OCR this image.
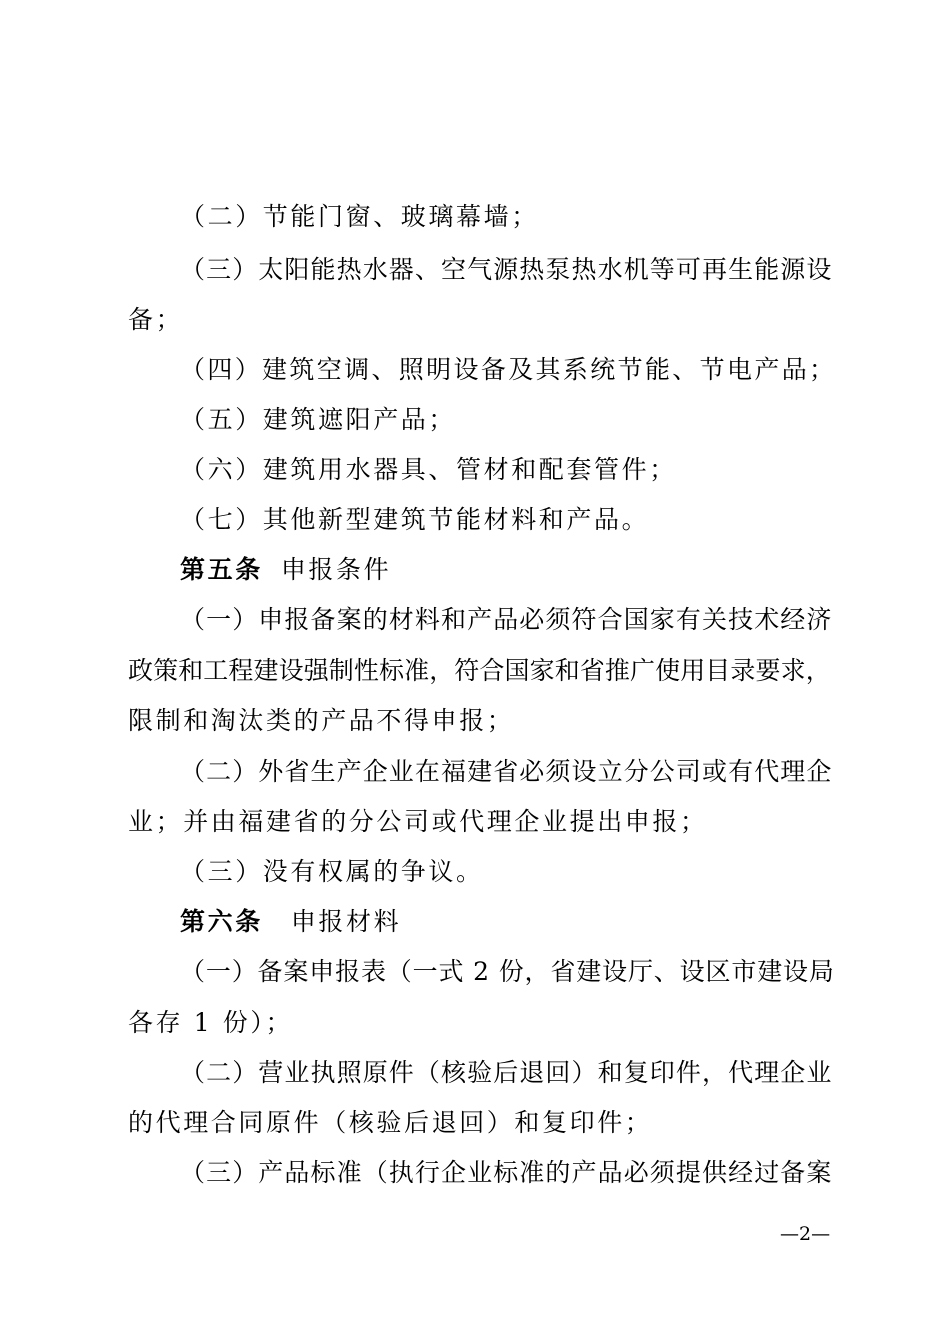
（二）节能门窗、玻璃幕墙；
（三）太阳能热水器、空气源热泵热水机等可再生能源设
备；
（四）建筑空调、照明设备及其系统节能、节电产品；
（五）建筑遮阳产品；
（六）建筑用水器具、管材和配套管件；
（七）其他新型建筑节能材料和产品。
第五条 申报条件
（一）申报备案的材料和产品必须符合国家有关技术经济
政策和工程建设强制性标准，符合国家和省推广使用目录要求，
限制和淘汰类的产品不得申报；
（二）外省生产企业在福建省必须设立分公司或有代理企
业；并由福建省的分公司或代理企业提出申报；
（三）没有权属的争议。
第六条 申报材料
（一）备案申报表（一式 2 份，省建设厅、设区市建设局
各存 1 份）；
（二）营业执照原件（核验后退回）和复印件，代理企业
的代理合同原件（核验后退回）和复印件；
（三）产品标准（执行企业标准的产品必须提供经过备案
—2—
